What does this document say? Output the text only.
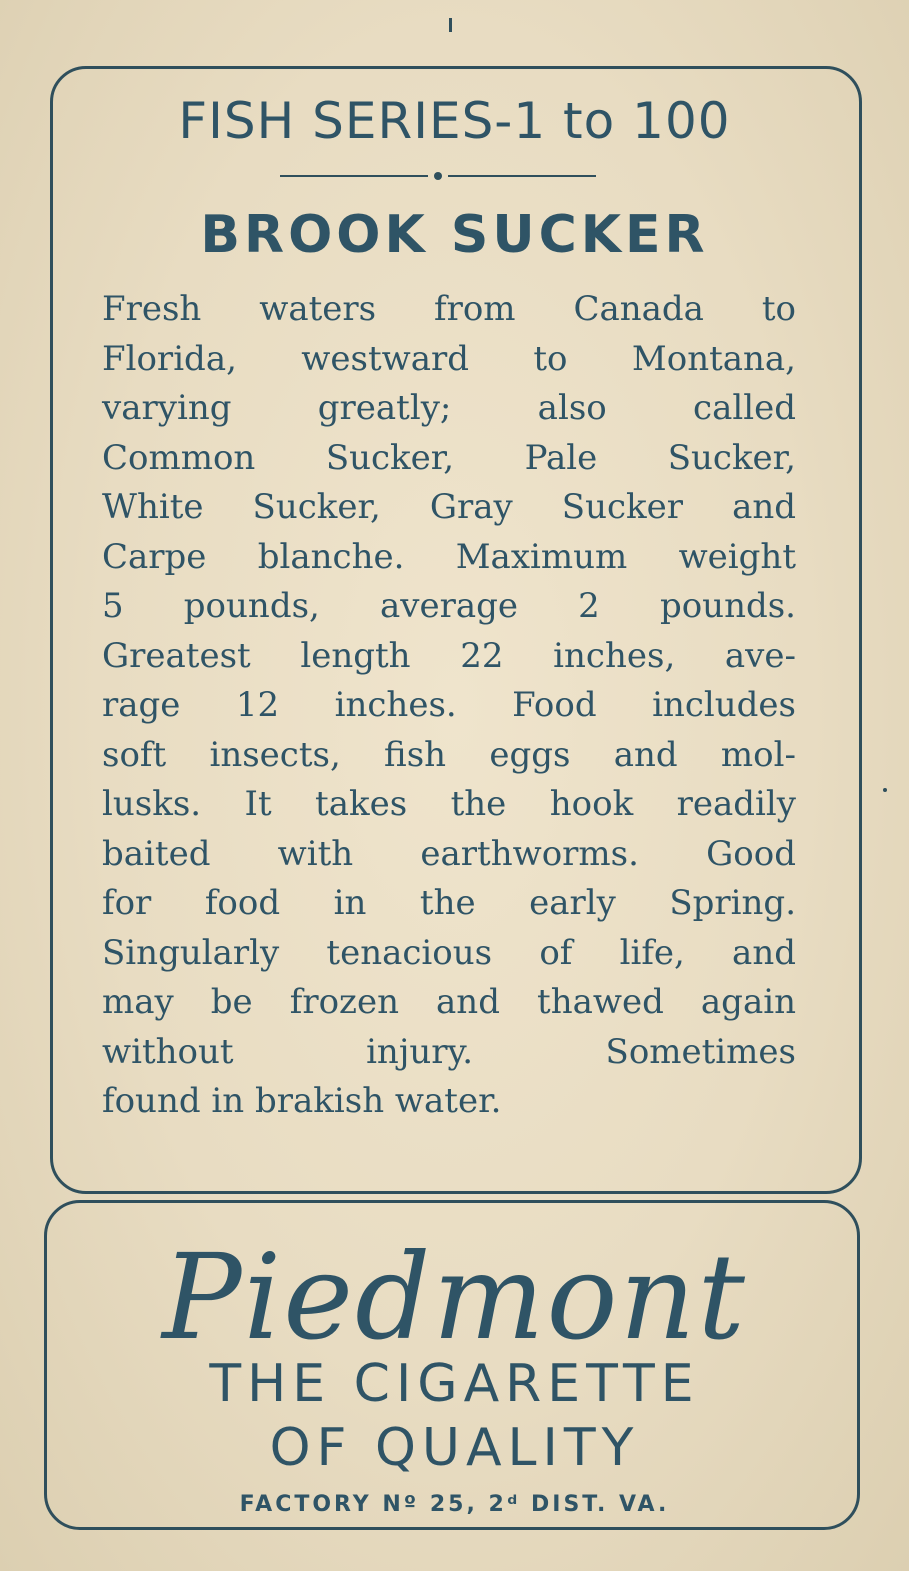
FISH SERIES-1 to 100
BROOK SUCKER
Fresh waters from Canada to
Florida, westward to Montana,
varying greatly; also called
Common Sucker, Pale Sucker,
White Sucker, Gray Sucker and
Carpe blanche. Maximum weight
5 pounds, average 2 pounds.
Greatest length 22 inches, ave-
rage 12 inches. Food includes
soft insects, fish eggs and mol-
lusks. It takes the hook readily
baited with earthworms. Good
for food in the early Spring.
Singularly tenacious of life, and
may be frozen and thawed again
without injury. Sometimes
found in brakish water.
Piedmont
THE CIGARETTE
OF QUALITY
FACTORY Nº 25, 2ᵈ DIST. VA.
